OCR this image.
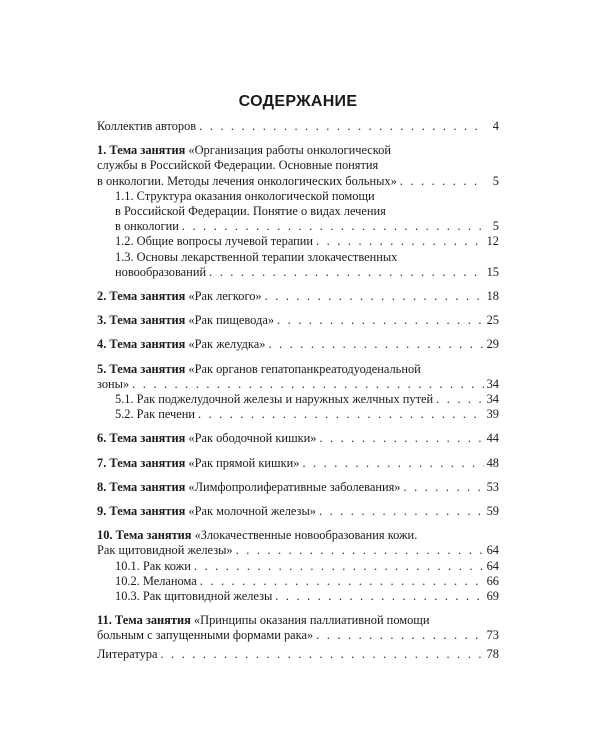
СОДЕРЖАНИЕ
Коллектив авторов . . .	4
1. Тема занятия «Организация работы онкологической
службы в Российской Федерации. Основные понятия
в онкологии. Методы лечения онкологических больных» . . .	5
1.1. Структура оказания онкологической помощи
в Российской Федерации. Понятие о видах лечения
в онкологии . . .	5
1.2. Общие вопросы лучевой терапии . . .	12
1.3. Основы лекарственной терапии злокачественных
новообразований . . .	15
2. Тема занятия «Рак легкого» . . .	18
3. Тема занятия «Рак пищевода» . . .	25
4. Тема занятия «Рак желудка» . . .	29
5. Тема занятия «Рак органов гепатопанкреатодуоденальной
зоны» . . .	34
5.1. Рак поджелудочной железы и наружных желчных путей . . .	34
5.2. Рак печени . . .	39
6. Тема занятия «Рак ободочной кишки» . . .	44
7. Тема занятия «Рак прямой кишки» . . .	48
8. Тема занятия «Лимфопролиферативные заболевания» . . .	53
9. Тема занятия «Рак молочной железы» . . .	59
10. Тема занятия «Злокачественные новообразования кожи.
Рак щитовидной железы» . . .	64
10.1. Рак кожи . . .	64
10.2. Меланома . . .	66
10.3. Рак щитовидной железы . . .	69
11. Тема занятия «Принципы оказания паллиативной помощи
больным с запущенными формами рака» . . .	73
Литература . . .	78
